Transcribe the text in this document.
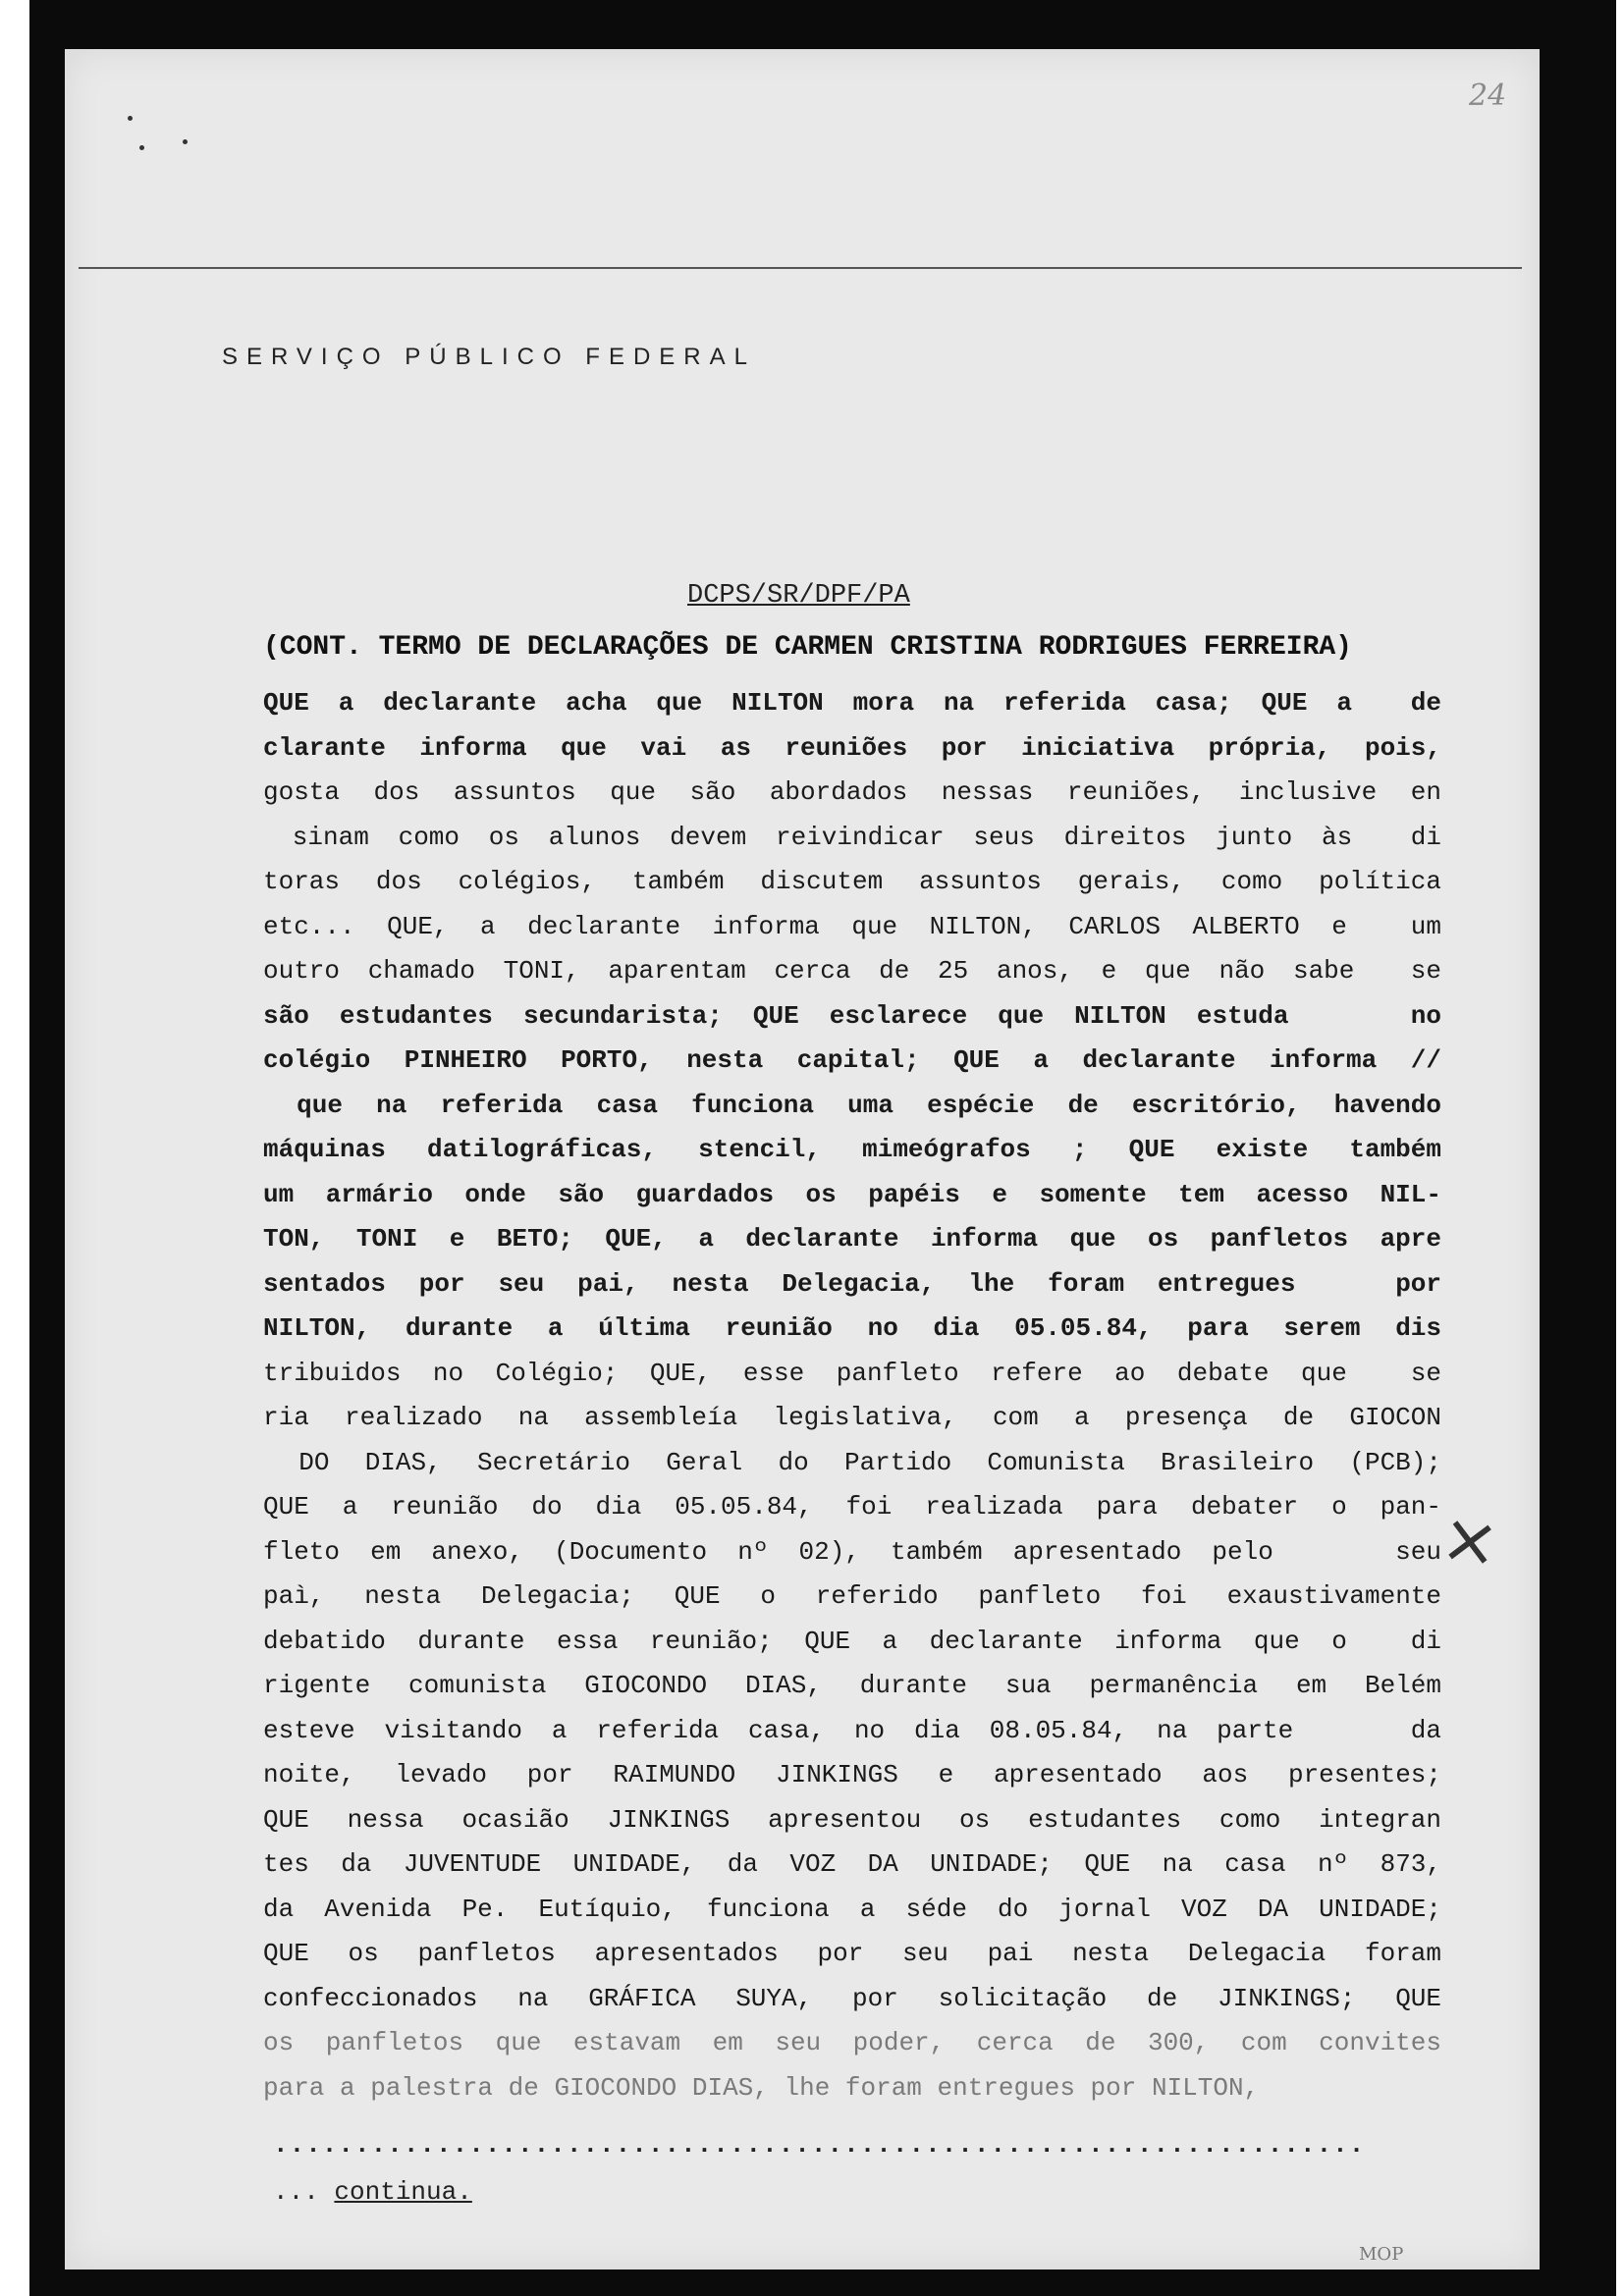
24
SERVIÇO PÚBLICO FEDERAL
DCPS/SR/DPF/PA
(CONT. TERMO DE DECLARAÇÕES DE CARMEN CRISTINA RODRIGUES FERREIRA)
QUE a declarante acha que NILTON mora na referida casa; QUE a  de
clarante informa que vai as reuniões por iniciativa própria, pois,
gosta dos assuntos que são abordados nessas reuniões, inclusive en
sinam como os alunos devem reivindicar seus direitos junto às  di
toras dos colégios, também discutem assuntos gerais, como política
etc... QUE, a declarante informa que NILTON, CARLOS ALBERTO e  um
outro chamado TONI, aparentam cerca de 25 anos, e que não sabe  se
são estudantes secundarista; QUE esclarece que NILTON estuda    no
colégio PINHEIRO PORTO, nesta capital; QUE a declarante informa //
que na referida casa funciona uma espécie de escritório, havendo
máquinas datilográficas, stencil, mimeógrafos ; QUE existe também
um armário onde são guardados os papéis e somente tem acesso NIL-
TON, TONI e BETO; QUE, a declarante informa que os panfletos apre
sentados por seu pai, nesta Delegacia, lhe foram entregues   por
NILTON, durante a última reunião no dia 05.05.84, para serem dis
tribuidos no Colégio; QUE, esse panfleto refere ao debate que  se
ria realizado na assembleía legislativa, com a presença de GIOCON
DO DIAS, Secretário Geral do Partido Comunista Brasileiro (PCB);
QUE a reunião do dia 05.05.84, foi realizada para debater o pan-
fleto em anexo, (Documento nº 02), também apresentado pelo    seu
paì, nesta Delegacia; QUE o referido panfleto foi exaustivamente
debatido durante essa reunião; QUE a declarante informa que o  di
rigente comunista GIOCONDO DIAS, durante sua permanência em Belém
esteve visitando a referida casa, no dia 08.05.84, na parte    da
noite, levado por RAIMUNDO JINKINGS e apresentado aos presentes;
QUE nessa ocasião JINKINGS apresentou os estudantes como integran
tes da JUVENTUDE UNIDADE, da VOZ DA UNIDADE; QUE na casa nº 873,
da Avenida Pe. Eutíquio, funciona a séde do jornal VOZ DA UNIDADE;
QUE os panfletos apresentados por seu pai nesta Delegacia foram
confeccionados na GRÁFICA SUYA, por solicitação de JINKINGS; QUE
os panfletos que estavam em seu poder, cerca de 300, com convites
para a palestra de GIOCONDO DIAS, lhe foram entregues por NILTON,
...................................................................
... continua.
×
MOP
